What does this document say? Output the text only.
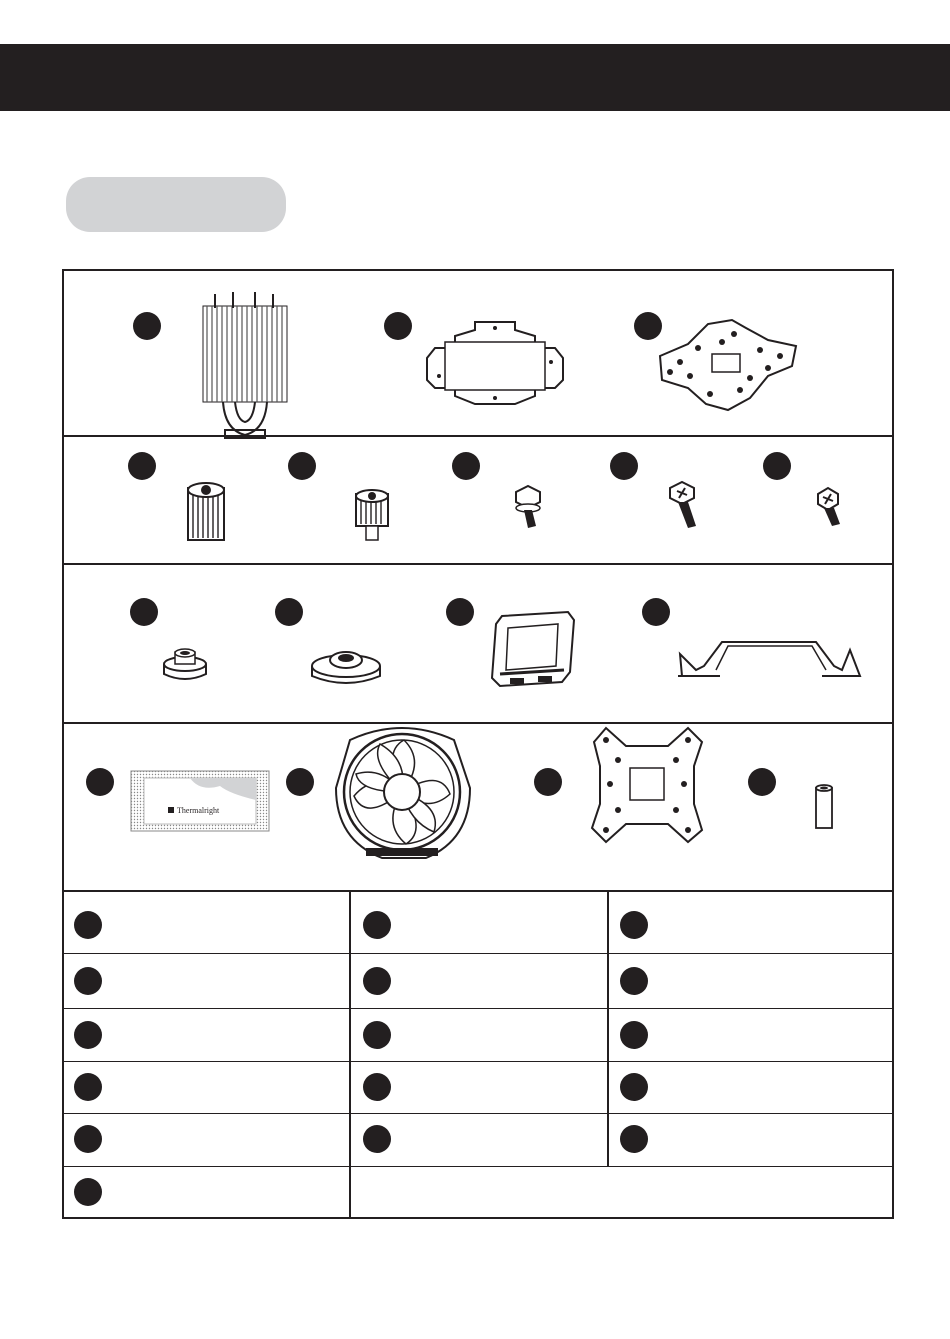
Thermalright
